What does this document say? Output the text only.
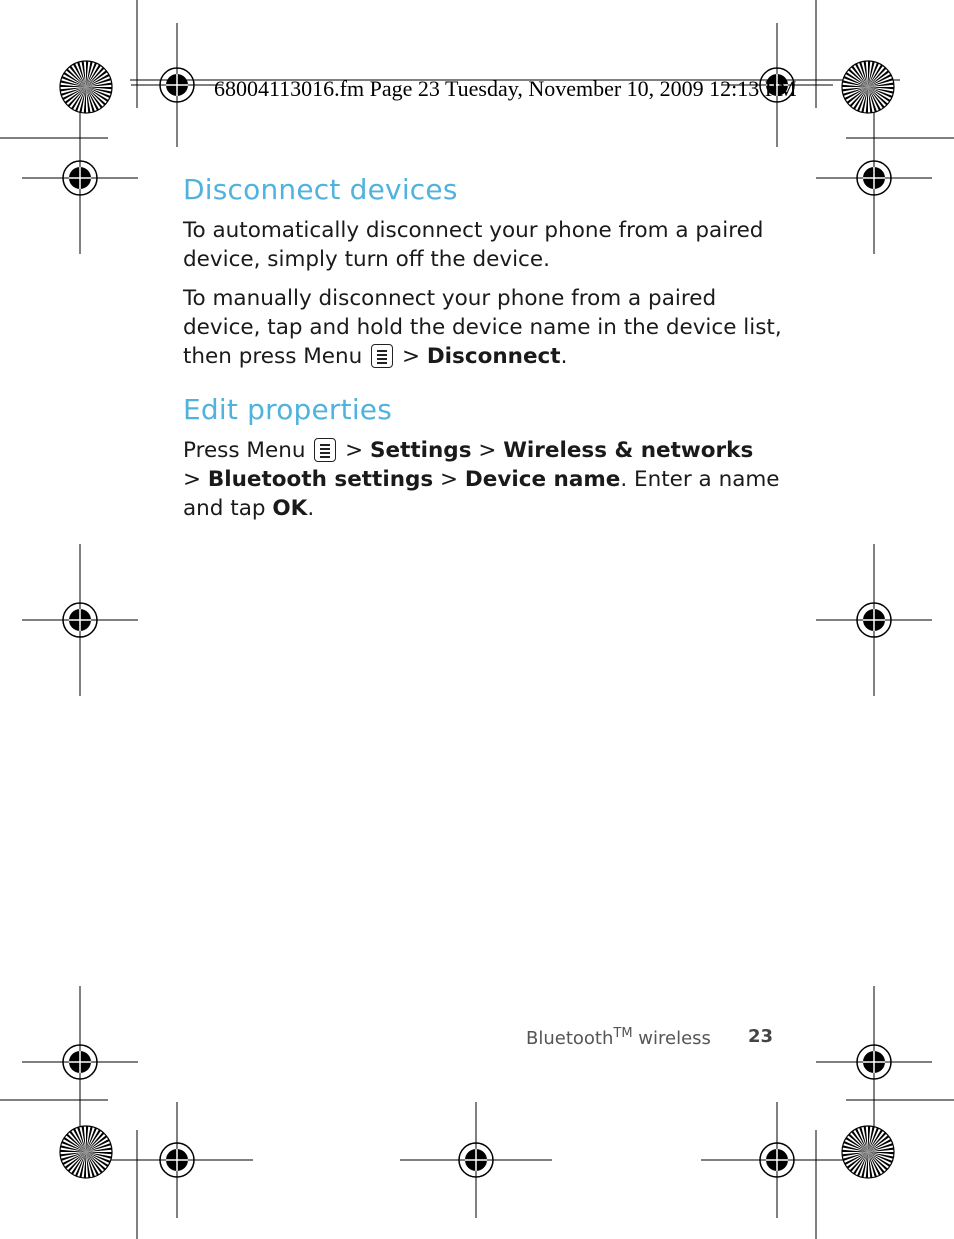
68004113016.fm Page 23 Tuesday, November 10, 2009 12:13 PM
Disconnect devices

To automatically disconnect your phone from a paired
device, simply turn off the device.

To manually disconnect your phone from a paired
device, tap and hold the device name in the device list,
then press Menu > Disconnect.

Edit properties

Press Menu > Settings > Wireless & networks
> Bluetooth settings > Device name. Enter a name
and tap OK.

Bluetooth™ wireless 23
